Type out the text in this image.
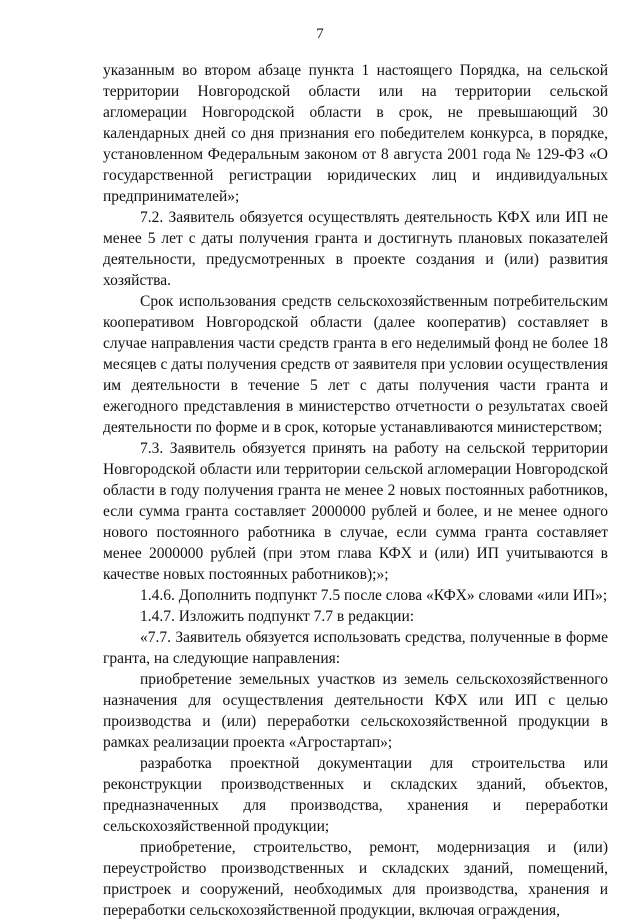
7

указанным во втором абзаце пункта 1 настоящего Порядка, на сельской территории Новгородской области или на территории сельской агломерации Новгородской области в срок, не превышающий 30 календарных дней со дня признания его победителем конкурса, в порядке, установленном Федеральным законом от 8 августа 2001 года № 129-ФЗ «О государственной регистрации юридических лиц и индивидуальных предпринимателей»;

7.2. Заявитель обязуется осуществлять деятельность КФХ или ИП не менее 5 лет с даты получения гранта и достигнуть плановых показателей деятельности, предусмотренных в проекте создания и (или) развития хозяйства.

Срок использования средств сельскохозяйственным потребительским кооперативом Новгородской области (далее кооператив) составляет в случае направления части средств гранта в его неделимый фонд не более 18 месяцев с даты получения средств от заявителя при условии осуществления им деятельности в течение 5 лет с даты получения части гранта и ежегодного представления в министерство отчетности о результатах своей деятельности по форме и в срок, которые устанавливаются министерством;

7.3. Заявитель обязуется принять на работу на сельской территории Новгородской области или территории сельской агломерации Новгородской области в году получения гранта не менее 2 новых постоянных работников, если сумма гранта составляет 2000000 рублей и более, и не менее одного нового постоянного работника в случае, если сумма гранта составляет менее 2000000 рублей (при этом глава КФХ и (или) ИП учитываются в качестве новых постоянных работников);»;

1.4.6. Дополнить подпункт 7.5 после слова «КФХ» словами «или ИП»;

1.4.7. Изложить подпункт 7.7 в редакции:

«7.7. Заявитель обязуется использовать средства, полученные в форме гранта, на следующие направления:

приобретение земельных участков из земель сельскохозяйственного назначения для осуществления деятельности КФХ или ИП с целью производства и (или) переработки сельскохозяйственной продукции в рамках реализации проекта «Агростартап»;

разработка проектной документации для строительства или реконструкции производственных и складских зданий, объектов, предназначенных для производства, хранения и переработки сельскохозяйственной продукции;

приобретение, строительство, ремонт, модернизация и (или) переустройство производственных и складских зданий, помещений, пристроек и сооружений, необходимых для производства, хранения и переработки сельскохозяйственной продукции, включая ограждения,
